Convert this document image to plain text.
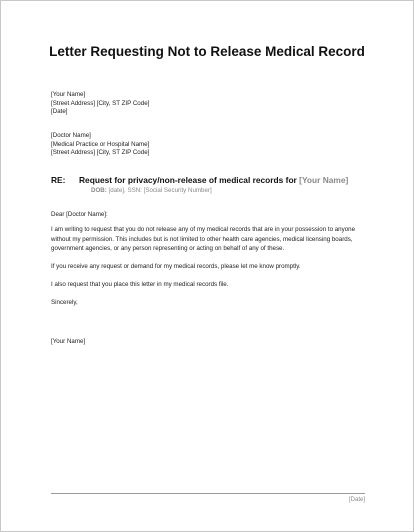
Letter Requesting Not to Release Medical Record
[Your Name]
[Street Address] [City, ST ZIP Code]
[Date]
[Doctor Name]
[Medical Practice or Hospital Name]
[Street Address] [City, ST ZIP Code]
RE: Request for privacy/non-release of medical records for [Your Name]
DOB: [date], SSN: [Social Security Number]
Dear [Doctor Name]:
I am writing to request that you do not release any of my medical records that are in your possession to anyone without my permission. This includes but is not limited to other health care agencies, medical licensing boards, government agencies, or any person representing or acting on behalf of any of these.
If you receive any request or demand for my medical records, please let me know promptly.
I also request that you place this letter in my medical records file.
Sincerely,
[Your Name]
[Date]
